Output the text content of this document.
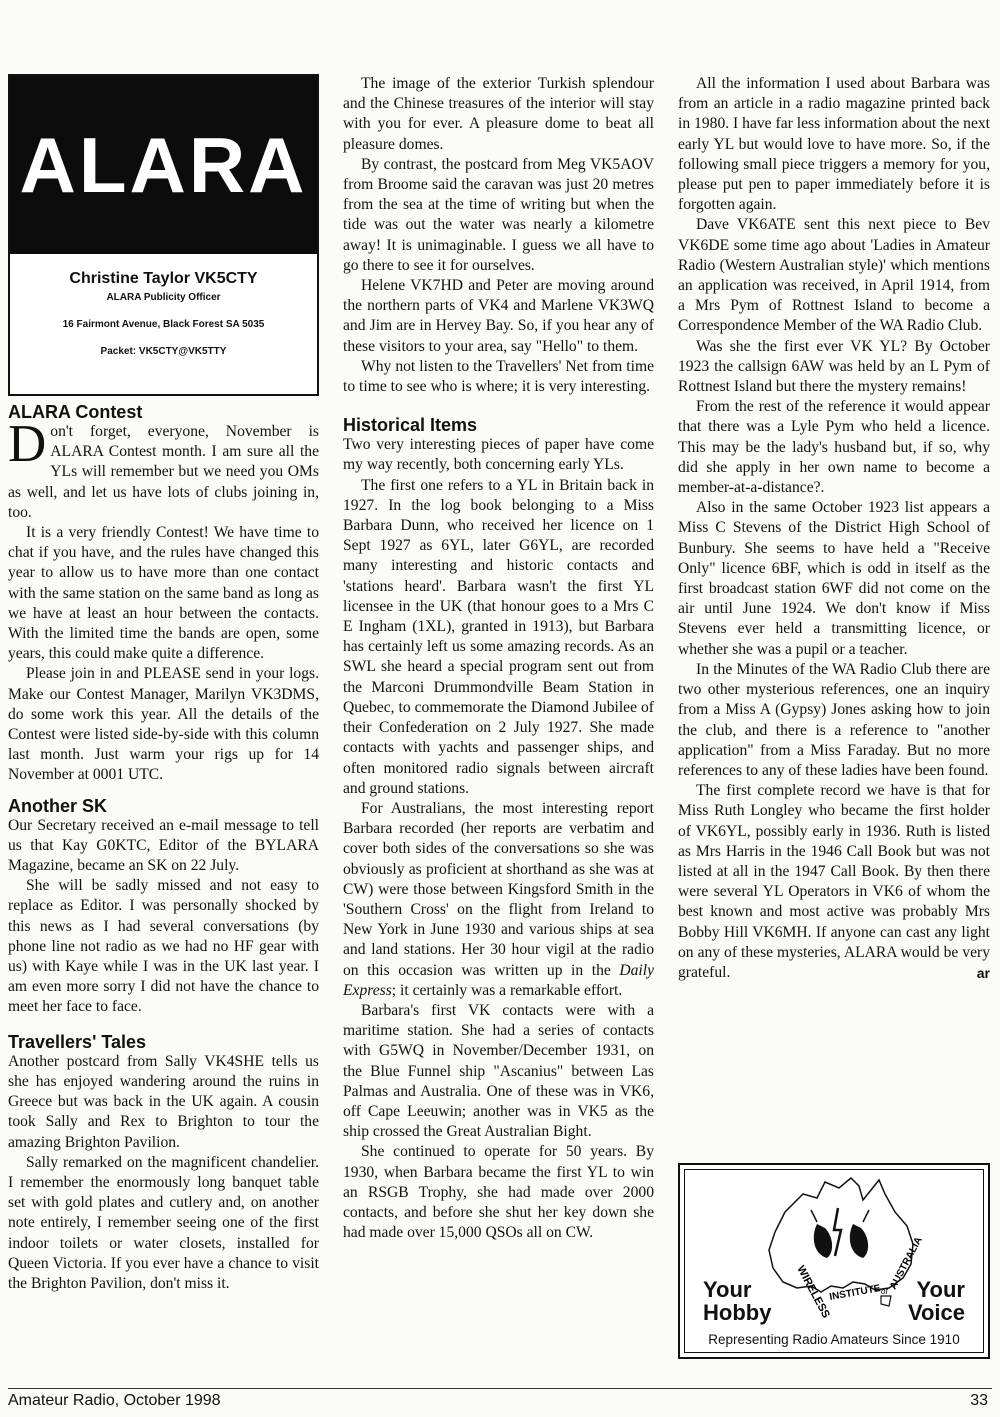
ALARA
Christine Taylor VK5CTY
ALARA Publicity Officer
16 Fairmont Avenue, Black Forest SA 5035
Packet: VK5CTY@VK5TTY
ALARA Contest

Don't forget, everyone, November is ALARA Contest month. I am sure all the YLs will remember but we need you OMs as well, and let us have lots of clubs joining in, too.

It is a very friendly Contest! We have time to chat if you have, and the rules have changed this year to allow us to have more than one contact with the same station on the same band as long as we have at least an hour between the contacts. With the limited time the bands are open, some years, this could make quite a difference.

Please join in and PLEASE send in your logs. Make our Contest Manager, Marilyn VK3DMS, do some work this year. All the details of the Contest were listed side-by-side with this column last month. Just warm your rigs up for 14 November at 0001 UTC.

Another SK

Our Secretary received an e-mail message to tell us that Kay G0KTC, Editor of the BYLARA Magazine, became an SK on 22 July.

She will be sadly missed and not easy to replace as Editor. I was personally shocked by this news as I had several conversations (by phone line not radio as we had no HF gear with us) with Kaye while I was in the UK last year. I am even more sorry I did not have the chance to meet her face to face.

Travellers' Tales

Another postcard from Sally VK4SHE tells us she has enjoyed wandering around the ruins in Greece but was back in the UK again. A cousin took Sally and Rex to Brighton to tour the amazing Brighton Pavilion.

Sally remarked on the magnificent chandelier. I remember the enormously long banquet table set with gold plates and cutlery and, on another note entirely, I remember seeing one of the first indoor toilets or water closets, installed for Queen Victoria. If you ever have a chance to visit the Brighton Pavilion, don't miss it.

The image of the exterior Turkish splendour and the Chinese treasures of the interior will stay with you for ever. A pleasure dome to beat all pleasure domes.

By contrast, the postcard from Meg VK5AOV from Broome said the caravan was just 20 metres from the sea at the time of writing but when the tide was out the water was nearly a kilometre away! It is unimaginable. I guess we all have to go there to see it for ourselves.

Helene VK7HD and Peter are moving around the northern parts of VK4 and Marlene VK3WQ and Jim are in Hervey Bay. So, if you hear any of these visitors to your area, say "Hello" to them.

Why not listen to the Travellers' Net from time to time to see who is where; it is very interesting.

Historical Items

Two very interesting pieces of paper have come my way recently, both concerning early YLs.

The first one refers to a YL in Britain back in 1927. In the log book belonging to a Miss Barbara Dunn, who received her licence on 1 Sept 1927 as 6YL, later G6YL, are recorded many interesting and historic contacts and 'stations heard'. Barbara wasn't the first YL licensee in the UK (that honour goes to a Mrs C E Ingham (1XL), granted in 1913), but Barbara has certainly left us some amazing records. As an SWL she heard a special program sent out from the Marconi Drummondville Beam Station in Quebec, to commemorate the Diamond Jubilee of their Confederation on 2 July 1927. She made contacts with yachts and passenger ships, and often monitored radio signals between aircraft and ground stations.

For Australians, the most interesting report Barbara recorded (her reports are verbatim and cover both sides of the conversations so she was obviously as proficient at shorthand as she was at CW) were those between Kingsford Smith in the 'Southern Cross' on the flight from Ireland to New York in June 1930 and various ships at sea and land stations. Her 30 hour vigil at the radio on this occasion was written up in the Daily Express; it certainly was a remarkable effort.

Barbara's first VK contacts were with a maritime station. She had a series of contacts with G5WQ in November/December 1931, on the Blue Funnel ship "Ascanius" between Las Palmas and Australia. One of these was in VK6, off Cape Leeuwin; another was in VK5 as the ship crossed the Great Australian Bight.

She continued to operate for 50 years. By 1930, when Barbara became the first YL to win an RSGB Trophy, she had made over 2000 contacts, and before she shut her key down she had made over 15,000 QSOs all on CW.

All the information I used about Barbara was from an article in a radio magazine printed back in 1980. I have far less information about the next early YL but would love to have more. So, if the following small piece triggers a memory for you, please put pen to paper immediately before it is forgotten again.

Dave VK6ATE sent this next piece to Bev VK6DE some time ago about 'Ladies in Amateur Radio (Western Australian style)' which mentions an application was received, in April 1914, from a Mrs Pym of Rottnest Island to become a Correspondence Member of the WA Radio Club.

Was she the first ever VK YL? By October 1923 the callsign 6AW was held by an L Pym of Rottnest Island but there the mystery remains!

From the rest of the reference it would appear that there was a Lyle Pym who held a licence. This may be the lady's husband but, if so, why did she apply in her own name to become a member-at-a-distance?.

Also in the same October 1923 list appears a Miss C Stevens of the District High School of Bunbury. She seems to have held a "Receive Only" licence 6BF, which is odd in itself as the first broadcast station 6WF did not come on the air until June 1924. We don't know if Miss Stevens ever held a transmitting licence, or whether she was a pupil or a teacher.

In the Minutes of the WA Radio Club there are two other mysterious references, one an inquiry from a Miss A (Gypsy) Jones asking how to join the club, and there is a reference to "another application" from a Miss Faraday. But no more references to any of these ladies have been found.

The first complete record we have is that for Miss Ruth Longley who became the first holder of VK6YL, possibly early in 1936. Ruth is listed as Mrs Harris in the 1946 Call Book but was not listed at all in the 1947 Call Book. By then there were several YL Operators in VK6 of whom the best known and most active was probably Mrs Bobby Hill VK6MH. If anyone can cast any light on any of these mysteries, ALARA would be very grateful.	ar

WIRELESS
INSTITUTE of
AUSTRALIA
Your
Hobby
Your
Voice
Representing Radio Amateurs Since 1910
Amateur Radio, October 1998	33
